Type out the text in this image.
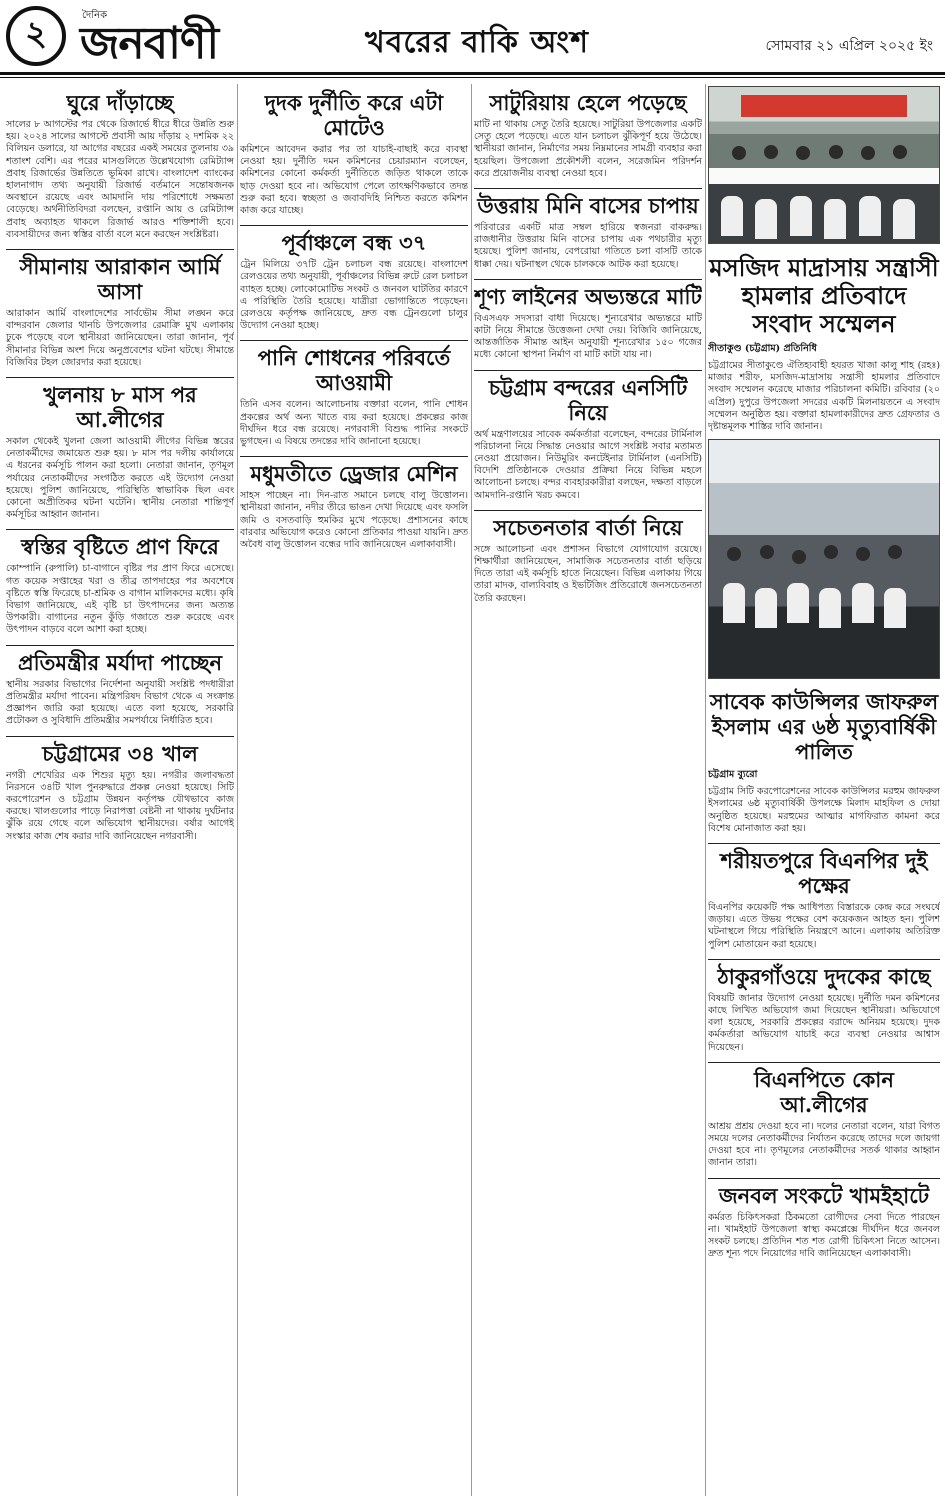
২	দৈনিক
জনবাণী	খবরের বাকি অংশ	সোমবার ২১ এপ্রিল ২০২৫ ইং
ঘুরে দাঁড়াচ্ছে

সালের ৮ আগস্টের পর থেকে রিজার্ভে ধীরে ধীরে উন্নতি শুরু হয়। ২০২৪ সালের আগস্টে প্রবাসী আয় দাঁড়ায় ২ দশমিক ২২ বিলিয়ন ডলারে, যা আগের বছরের একই সময়ের তুলনায় ৩৯ শতাংশ বেশি। এর পরের মাসগুলিতে উল্লেখযোগ্য রেমিট্যান্স প্রবাহ রিজার্ভের উন্নতিতে ভূমিকা রাখে। বাংলাদেশ ব্যাংকের হালনাগাদ তথ্য অনুযায়ী রিজার্ভ বর্তমানে সন্তোষজনক অবস্থানে রয়েছে এবং আমদানি দায় পরিশোধে সক্ষমতা বেড়েছে। অর্থনীতিবিদরা বলছেন, রপ্তানি আয় ও রেমিট্যান্স প্রবাহ অব্যাহত থাকলে রিজার্ভ আরও শক্তিশালী হবে। ব্যবসায়ীদের জন্য স্বস্তির বার্তা বলে মনে করছেন সংশ্লিষ্টরা।

সীমানায় আরাকান আর্মি আসা

আরাকান আর্মি বাংলাদেশের সার্বভৌম সীমা লঙ্ঘন করে বান্দরবান জেলার থানচি উপজেলার রেমাক্রি মুখ এলাকায় ঢুকে পড়েছে বলে স্থানীয়রা জানিয়েছেন। তারা জানান, পূর্ব সীমানার বিভিন্ন অংশ দিয়ে অনুপ্রবেশের ঘটনা ঘটছে। সীমান্তে বিজিবির টহল জোরদার করা হয়েছে।

খুলনায় ৮ মাস পর আ.লীগের

সকাল থেকেই খুলনা জেলা আওয়ামী লীগের বিভিন্ন স্তরের নেতাকর্মীদের জমায়েত শুরু হয়। ৮ মাস পর দলীয় কার্যালয়ে এ ধরনের কর্মসূচি পালন করা হলো। নেতারা জানান, তৃণমূল পর্যায়ের নেতাকর্মীদের সংগঠিত করতে এই উদ্যোগ নেওয়া হয়েছে। পুলিশ জানিয়েছে, পরিস্থিতি স্বাভাবিক ছিল এবং কোনো অপ্রীতিকর ঘটনা ঘটেনি। স্থানীয় নেতারা শান্তিপূর্ণ কর্মসূচির আহ্বান জানান।

স্বস্তির বৃষ্টিতে প্রাণ ফিরে

কোম্পানি (রুপালি) চা-বাগানে বৃষ্টির পর প্রাণ ফিরে এসেছে। গত কয়েক সপ্তাহের খরা ও তীব্র তাপদাহের পর অবশেষে বৃষ্টিতে স্বস্তি ফিরেছে চা-শ্রমিক ও বাগান মালিকদের মধ্যে। কৃষি বিভাগ জানিয়েছে, এই বৃষ্টি চা উৎপাদনের জন্য অত্যন্ত উপকারী। বাগানের নতুন কুঁড়ি গজাতে শুরু করেছে এবং উৎপাদন বাড়বে বলে আশা করা হচ্ছে।

প্রতিমন্ত্রীর মর্যাদা পাচ্ছেন

স্থানীয় সরকার বিভাগের নির্দেশনা অনুযায়ী সংশ্লিষ্ট পদধারীরা প্রতিমন্ত্রীর মর্যাদা পাবেন। মন্ত্রিপরিষদ বিভাগ থেকে এ সংক্রান্ত প্রজ্ঞাপন জারি করা হয়েছে। এতে বলা হয়েছে, সরকারি প্রটোকল ও সুবিধাদি প্রতিমন্ত্রীর সমপর্যায়ে নির্ধারিত হবে।

চট্টগ্রামের ৩৪ খাল

নগরী শেখেরির এক শিশুর মৃত্যু হয়। নগরীর জলাবদ্ধতা নিরসনে ৩৪টি খাল পুনরুদ্ধারে প্রকল্প নেওয়া হয়েছে। সিটি করপোরেশন ও চট্টগ্রাম উন্নয়ন কর্তৃপক্ষ যৌথভাবে কাজ করছে। খালগুলোর পাড়ে নিরাপত্তা বেষ্টনী না থাকায় দুর্ঘটনার ঝুঁকি রয়ে গেছে বলে অভিযোগ স্থানীয়দের। বর্ষার আগেই সংস্কার কাজ শেষ করার দাবি জানিয়েছেন নগরবাসী।

দুদক দুর্নীতি করে এটা মোটেও

কমিশনে আবেদন করার পর তা যাচাই-বাছাই করে ব্যবস্থা নেওয়া হয়। দুর্নীতি দমন কমিশনের চেয়ারম্যান বলেছেন, কমিশনের কোনো কর্মকর্তা দুর্নীতিতে জড়িত থাকলে তাকে ছাড় দেওয়া হবে না। অভিযোগ পেলে তাৎক্ষণিকভাবে তদন্ত শুরু করা হবে। স্বচ্ছতা ও জবাবদিহি নিশ্চিত করতে কমিশন কাজ করে যাচ্ছে।

পূর্বাঞ্চলে বন্ধ ৩৭

ট্রেন মিলিয়ে ৩৭টি ট্রেন চলাচল বন্ধ রয়েছে। বাংলাদেশ রেলওয়ের তথ্য অনুযায়ী, পূর্বাঞ্চলের বিভিন্ন রুটে রেল চলাচল ব্যাহত হচ্ছে। লোকোমোটিভ সংকট ও জনবল ঘাটতির কারণে এ পরিস্থিতি তৈরি হয়েছে। যাত্রীরা ভোগান্তিতে পড়েছেন। রেলওয়ে কর্তৃপক্ষ জানিয়েছে, দ্রুত বন্ধ ট্রেনগুলো চালুর উদ্যোগ নেওয়া হচ্ছে।

পানি শোধনের পরিবর্তে আওয়ামী

তিনি এসব বলেন। আলোচনায় বক্তারা বলেন, পানি শোধন প্রকল্পের অর্থ অন্য খাতে ব্যয় করা হয়েছে। প্রকল্পের কাজ দীর্ঘদিন ধরে বন্ধ রয়েছে। নগরবাসী বিশুদ্ধ পানির সংকটে ভুগছেন। এ বিষয়ে তদন্তের দাবি জানানো হয়েছে।

মধুমতীতে ড্রেজার মেশিন

সাহস পাচ্ছেন না। দিন-রাত সমানে চলছে বালু উত্তোলন। স্থানীয়রা জানান, নদীর তীরে ভাঙন দেখা দিয়েছে এবং ফসলি জমি ও বসতবাড়ি হুমকির মুখে পড়েছে। প্রশাসনের কাছে বারবার অভিযোগ করেও কোনো প্রতিকার পাওয়া যায়নি। দ্রুত অবৈধ বালু উত্তোলন বন্ধের দাবি জানিয়েছেন এলাকাবাসী।

সাটুরিয়ায় হেলে পড়েছে

মাটি না থাকায় সেতু তৈরি হয়েছে। সাটুরিয়া উপজেলার একটি সেতু হেলে পড়েছে। এতে যান চলাচল ঝুঁকিপূর্ণ হয়ে উঠেছে। স্থানীয়রা জানান, নির্মাণের সময় নিম্নমানের সামগ্রী ব্যবহার করা হয়েছিল। উপজেলা প্রকৌশলী বলেন, সরেজমিন পরিদর্শন করে প্রয়োজনীয় ব্যবস্থা নেওয়া হবে।

উত্তরায় মিনি বাসের চাপায়

পরিবারের একটি মাত্র সম্বল হারিয়ে স্বজনরা বাকরুদ্ধ। রাজধানীর উত্তরায় মিনি বাসের চাপায় এক পথচারীর মৃত্যু হয়েছে। পুলিশ জানায়, বেপরোয়া গতিতে চলা বাসটি তাকে ধাক্কা দেয়। ঘটনাস্থল থেকে চালককে আটক করা হয়েছে।

শূণ্য লাইনের অভ্যন্তরে মাটি

বিএসএফ সদস্যরা বাধা দিয়েছে। শূন্যরেখার অভ্যন্তরে মাটি কাটা নিয়ে সীমান্তে উত্তেজনা দেখা দেয়। বিজিবি জানিয়েছে, আন্তর্জাতিক সীমান্ত আইন অনুযায়ী শূন্যরেখার ১৫০ গজের মধ্যে কোনো স্থাপনা নির্মাণ বা মাটি কাটা যায় না।

চট্টগ্রাম বন্দরের এনসিটি নিয়ে

অর্থ মন্ত্রণালয়ের সাবেক কর্মকর্তারা বলেছেন, বন্দরের টার্মিনাল পরিচালনা নিয়ে সিদ্ধান্ত নেওয়ার আগে সংশ্লিষ্ট সবার মতামত নেওয়া প্রয়োজন। নিউমুরিং কনটেইনার টার্মিনাল (এনসিটি) বিদেশি প্রতিষ্ঠানকে দেওয়ার প্রক্রিয়া নিয়ে বিভিন্ন মহলে আলোচনা চলছে। বন্দর ব্যবহারকারীরা বলছেন, দক্ষতা বাড়লে আমদানি-রপ্তানি খরচ কমবে।

সচেতনতার বার্তা নিয়ে

সঙ্গে আলোচনা এবং প্রশাসন বিভাগে যোগাযোগ রয়েছে। শিক্ষার্থীরা জানিয়েছেন, সামাজিক সচেতনতার বার্তা ছড়িয়ে দিতে তারা এই কর্মসূচি হাতে নিয়েছেন। বিভিন্ন এলাকায় গিয়ে তারা মাদক, বাল্যবিবাহ ও ইভটিজিং প্রতিরোধে জনসচেতনতা তৈরি করছেন।

মসজিদ মাদ্রাসায় সন্ত্রাসী হামলার প্রতিবাদে সংবাদ সম্মেলন
সীতাকুণ্ড (চট্টগ্রাম) প্রতিনিধি

চট্টগ্রামের সীতাকুণ্ডে ঐতিহ্যবাহী হযরত খাজা কালু শাহ (রহঃ) মাজার শরীফ, মসজিদ-মাদ্রাসায় সন্ত্রাসী হামলার প্রতিবাদে সংবাদ সম্মেলন করেছে মাজার পরিচালনা কমিটি। রবিবার (২০ এপ্রিল) দুপুরে উপজেলা সদরের একটি মিলনায়তনে এ সংবাদ সম্মেলন অনুষ্ঠিত হয়। বক্তারা হামলাকারীদের দ্রুত গ্রেফতার ও দৃষ্টান্তমূলক শাস্তির দাবি জানান।

সাবেক কাউন্সিলর জাফরুল ইসলাম এর ৬ষ্ঠ মৃত্যুবার্ষিকী পালিত
চট্টগ্রাম ব্যুরো

চট্টগ্রাম সিটি করপোরেশনের সাবেক কাউন্সিলর মরহুম জাফরুল ইসলামের ৬ষ্ঠ মৃত্যুবার্ষিকী উপলক্ষে মিলাদ মাহফিল ও দোয়া অনুষ্ঠিত হয়েছে। মরহুমের আত্মার মাগফিরাত কামনা করে বিশেষ মোনাজাত করা হয়।

শরীয়তপুরে বিএনপির দুই পক্ষের

বিএনপির কয়েকটি পক্ষ আধিপত্য বিস্তারকে কেন্দ্র করে সংঘর্ষে জড়ায়। এতে উভয় পক্ষের বেশ কয়েকজন আহত হন। পুলিশ ঘটনাস্থলে গিয়ে পরিস্থিতি নিয়ন্ত্রণে আনে। এলাকায় অতিরিক্ত পুলিশ মোতায়েন করা হয়েছে।

ঠাকুরগাঁওয়ে দুদকের কাছে

বিষয়টি জানার উদ্যোগ নেওয়া হয়েছে। দুর্নীতি দমন কমিশনের কাছে লিখিত অভিযোগ জমা দিয়েছেন স্থানীয়রা। অভিযোগে বলা হয়েছে, সরকারি প্রকল্পের বরাদ্দে অনিয়ম হয়েছে। দুদক কর্মকর্তারা অভিযোগ যাচাই করে ব্যবস্থা নেওয়ার আশ্বাস দিয়েছেন।

বিএনপিতে কোন আ.লীগের

আশ্রয় প্রশ্রয় দেওয়া হবে না। দলের নেতারা বলেন, যারা বিগত সময়ে দলের নেতাকর্মীদের নির্যাতন করেছে তাদের দলে জায়গা দেওয়া হবে না। তৃণমূলের নেতাকর্মীদের সতর্ক থাকার আহ্বান জানান তারা।

জনবল সংকটে খামইহাটে

কর্মরত চিকিৎসকরা ঠিকমতো রোগীদের সেবা দিতে পারছেন না। খামইহাট উপজেলা স্বাস্থ্য কমপ্লেক্সে দীর্ঘদিন ধরে জনবল সংকট চলছে। প্রতিদিন শত শত রোগী চিকিৎসা নিতে আসেন। দ্রুত শূন্য পদে নিয়োগের দাবি জানিয়েছেন এলাকাবাসী।
